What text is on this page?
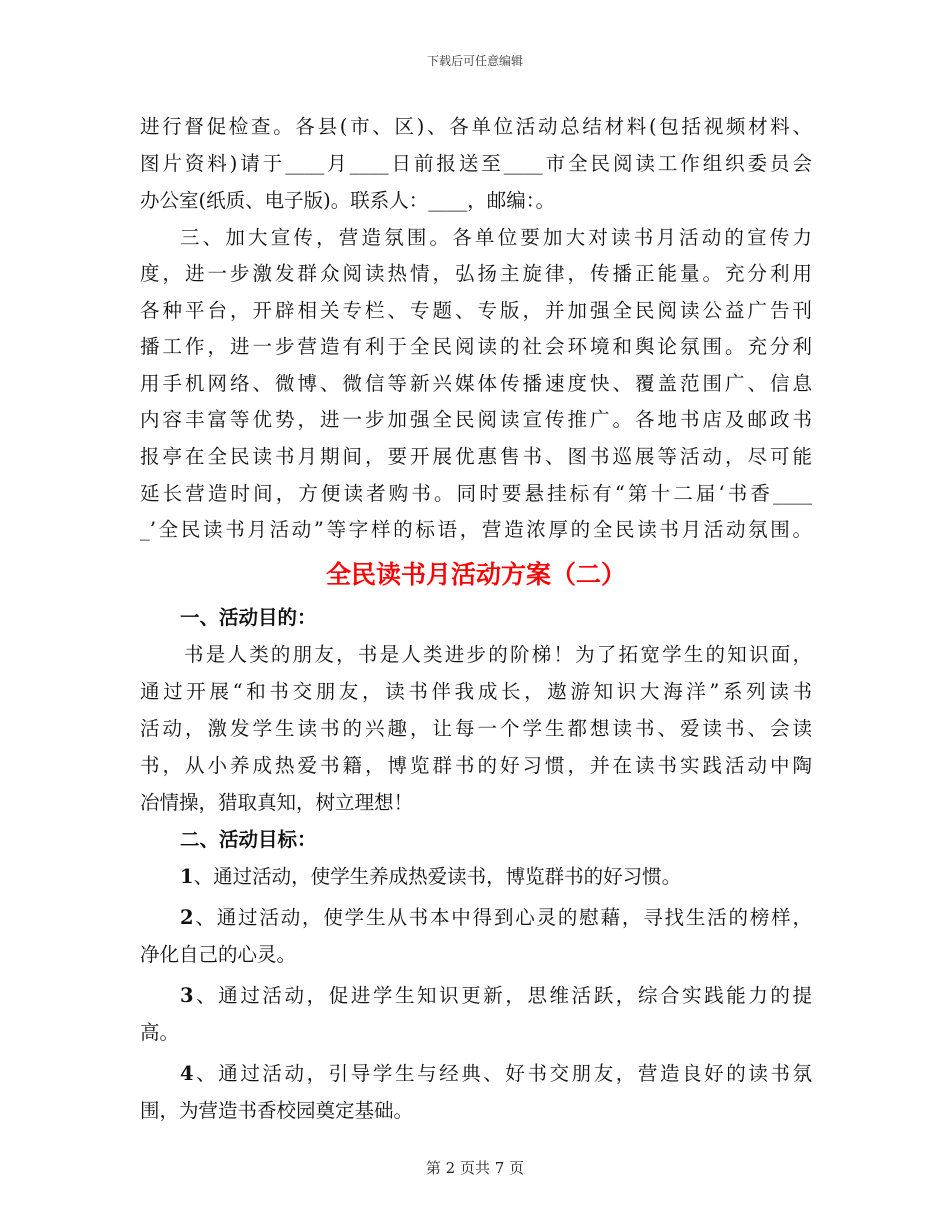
下载后可任意编辑
进行督促检查。各县(市、区)、各单位活动总结材料(包括视频材料、
图片资料)请于____月____日前报送至____市全民阅读工作组织委员会
办公室(纸质、电子版)。联系人：____，邮编：。
三、加大宣传，营造氛围。各单位要加大对读书月活动的宣传力
度，进一步激发群众阅读热情，弘扬主旋律，传播正能量。充分利用
各种平台，开辟相关专栏、专题、专版，并加强全民阅读公益广告刊
播工作，进一步营造有利于全民阅读的社会环境和舆论氛围。充分利
用手机网络、微博、微信等新兴媒体传播速度快、覆盖范围广、信息
内容丰富等优势，进一步加强全民阅读宣传推广。各地书店及邮政书
报亭在全民读书月期间，要开展优惠售书、图书巡展等活动，尽可能
延长营造时间，方便读者购书。同时要悬挂标有“第十二届‘书香____
_’全民读书月活动”等字样的标语，营造浓厚的全民读书月活动氛围。
全民读书月活动方案（二）
一、活动目的：
书是人类的朋友，书是人类进步的阶梯！为了拓宽学生的知识面，
通过开展“和书交朋友，读书伴我成长，遨游知识大海洋”系列读书
活动，激发学生读书的兴趣，让每一个学生都想读书、爱读书、会读
书，从小养成热爱书籍，博览群书的好习惯，并在读书实践活动中陶
冶情操，猎取真知，树立理想！
二、活动目标：
1、通过活动，使学生养成热爱读书，博览群书的好习惯。
2、通过活动，使学生从书本中得到心灵的慰藉，寻找生活的榜样，
净化自己的心灵。
3、通过活动，促进学生知识更新，思维活跃，综合实践能力的提
高。
4、通过活动，引导学生与经典、好书交朋友，营造良好的读书氛
围，为营造书香校园奠定基础。
第 2 页共 7 页
